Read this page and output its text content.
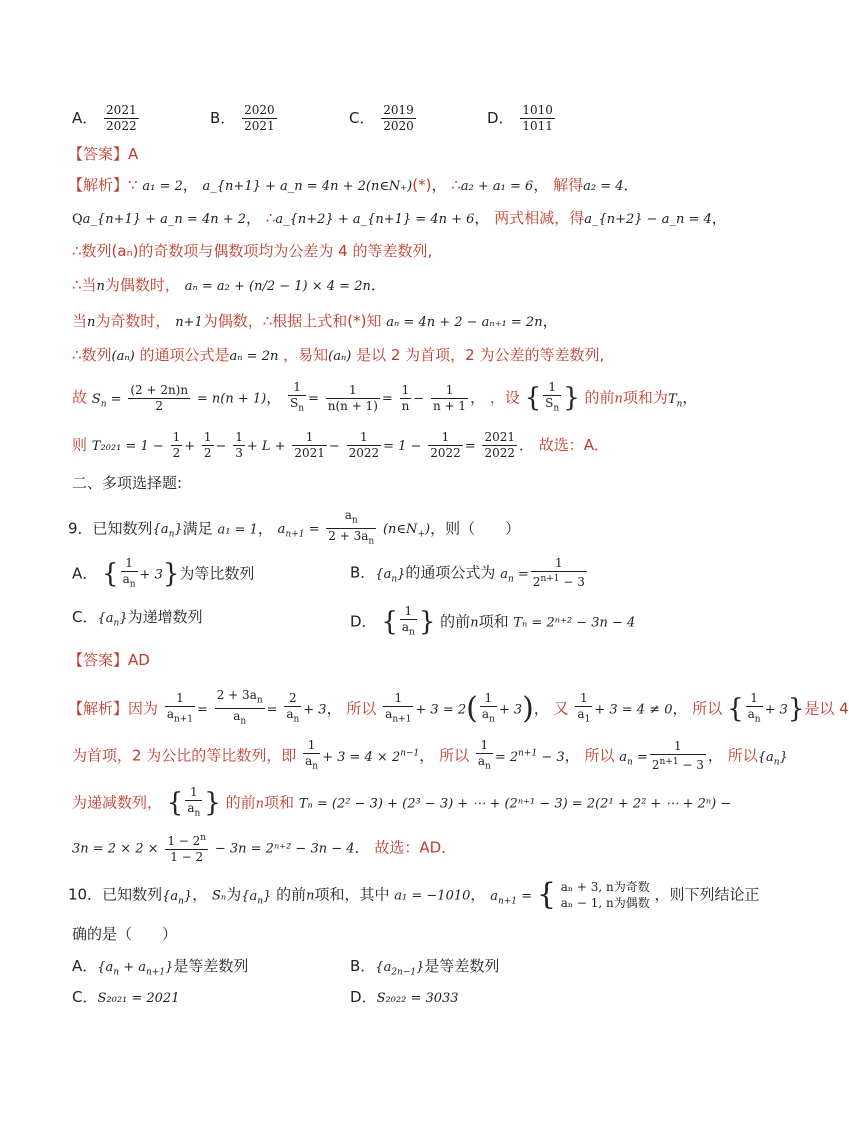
A． $\frac{2021}{2022}$	B． $\frac{2020}{2021}$	C． $\frac{2019}{2020}$	D． $\frac{1010}{1011}$
【答案】A
【解析】∵ a₁ = 2， a_{n+1} + a_n = 4n + 2(n∈N₊)(*)， ∴a₂ + a₁ = 6， 解得a₂ = 4．
Qa_{n+1} + a_n = 4n + 2， ∴a_{n+2} + a_{n+1} = 4n + 6， 两式相减，得a_{n+2} − a_n = 4，
∴数列(aₙ)的奇数项与偶数项均为公差为 4 的等差数列,
∴当n为偶数时， aₙ = a₂ + (n/2 − 1) × 4 = 2n．
当n为奇数时， n+1为偶数，∴根据上式和(*)知 aₙ = 4n + 2 − aₙ₊₁ = 2n，
∴数列(aₙ) 的通项公式是aₙ = 2n ，易知(aₙ) 是以 2 为首项，2 为公差的等差数列,
故 $S_n = \frac{(2 + 2n)n}{2} = n(n + 1)$， $\frac{1}{S_n} = \frac{1}{n(n + 1)} = \frac{1}{n} - \frac{1}{n + 1}$ ， ，设 { $\frac{1}{S_n}$ } 的前n项和为$T_n$，
则 $T_{2021} = 1 - \frac{1}{2} + \frac{1}{2} - \frac{1}{3} + L + \frac{1}{2021} - \frac{1}{2022} = 1 - \frac{1}{2022} = \frac{2021}{2022}$ ． 故选：A．
二、多项选择题:
9．已知数列$\{a_n\}$满足 a₁ = 1， $a_{n+1} = \frac{a_n}{2 + 3a_n}$ $(n\in N_+)$，则（　　）
A． { $\frac{1}{a_n} + 3$}为等比数列	B．$\{a_n\}$的通项公式为 $a_n = \frac{1}{2^{n+1} - 3}$
C．$\{a_n\}$为递增数列	D． { $\frac{1}{a_n}$ } 的前n项和 Tₙ = 2ⁿ⁺² − 3n − 4
【答案】AD
【解析】因为 $\frac{1}{a_{n+1}} = \frac{2 + 3a_n}{a_n} = \frac{2}{a_n} + 3$， 所以 $\frac{1}{a_{n+1}} + 3 = 2( \frac{1}{a_n} + 3)$， 又 $\frac{1}{a_1} + 3 = 4 \ne 0$， 所以 { $\frac{1}{a_n} + 3$}是以 4
为首项，2 为公比的等比数列，即 $\frac{1}{a_n} + 3 = 4 \times 2^{n-1}$， 所以 $\frac{1}{a_n} = 2^{n+1} - 3$， 所以 $a_n = \frac{1}{2^{n+1} - 3}$ ， 所以$\{a_n\}$
为递减数列， { $\frac{1}{a_n}$ } 的前n项和 Tₙ = (2² − 3) + (2³ − 3) + ⋯ + (2ⁿ⁺¹ − 3) = 2(2¹ + 2² + ⋯ + 2ⁿ) −
$3n = 2 \times 2 \times \frac{1 - 2^n}{1 - 2} - 3n = 2^{n+2} - 3n - 4$． 故选：AD．
10．已知数列$\{a_n\}$， Sₙ为$\{a_n\}$ 的前n项和，其中 a₁ = −1010， $a_{n+1}$ = { aₙ + 3, n为奇数
aₙ − 1, n为偶数 ，则下列结论正
确的是（　　）
A．$\{a_n + a_{n+1}\}$是等差数列	B．$\{a_{2n-1}\}$是等差数列
C．S₂₀₂₁ = 2021	D．S₂₀₂₂ = 3033
